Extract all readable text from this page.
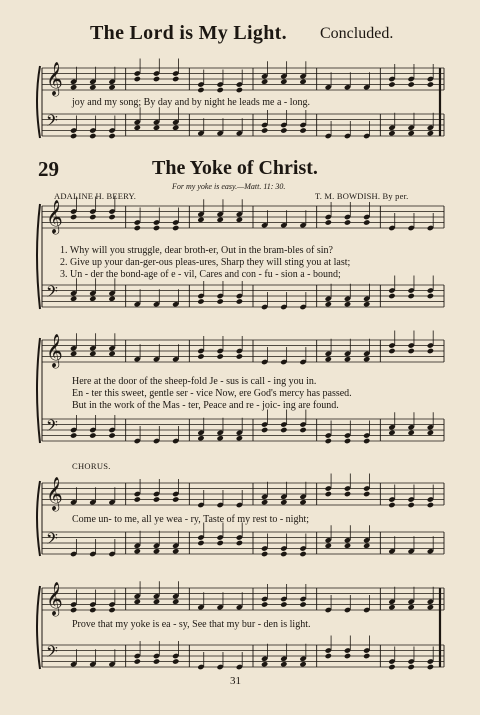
𝄞
𝄢
𝄞
𝄢
𝄞
𝄢
𝄞
𝄢
𝄞
𝄢
The Lord is My Light. Concluded.
joy and my song; By day and by night he leads me a - long.
29	The Yoke of Christ.
For my yoke is easy.—Matt. 11: 30.
ADALINE H. BEERY.	T. M. BOWDISH. By per.
1. Why will you struggle, dear broth-er, Out in the bram-bles of sin?
2. Give up your dan-ger-ous pleas-ures, Sharp they will sting you at last;
3. Un - der the bond-age of e - vil, Cares and con - fu - sion a - bound;
Here at the door of the sheep-fold Je - sus is call - ing you in.
En - ter this sweet, gentle ser - vice Now, ere God's mercy has passed.
But in the work of the Mas - ter, Peace and re - joic- ing are found.
CHORUS.
Come un- to me, all ye wea - ry, Taste of my rest to - night;
Prove that my yoke is ea - sy, See that my bur - den is light.
31
